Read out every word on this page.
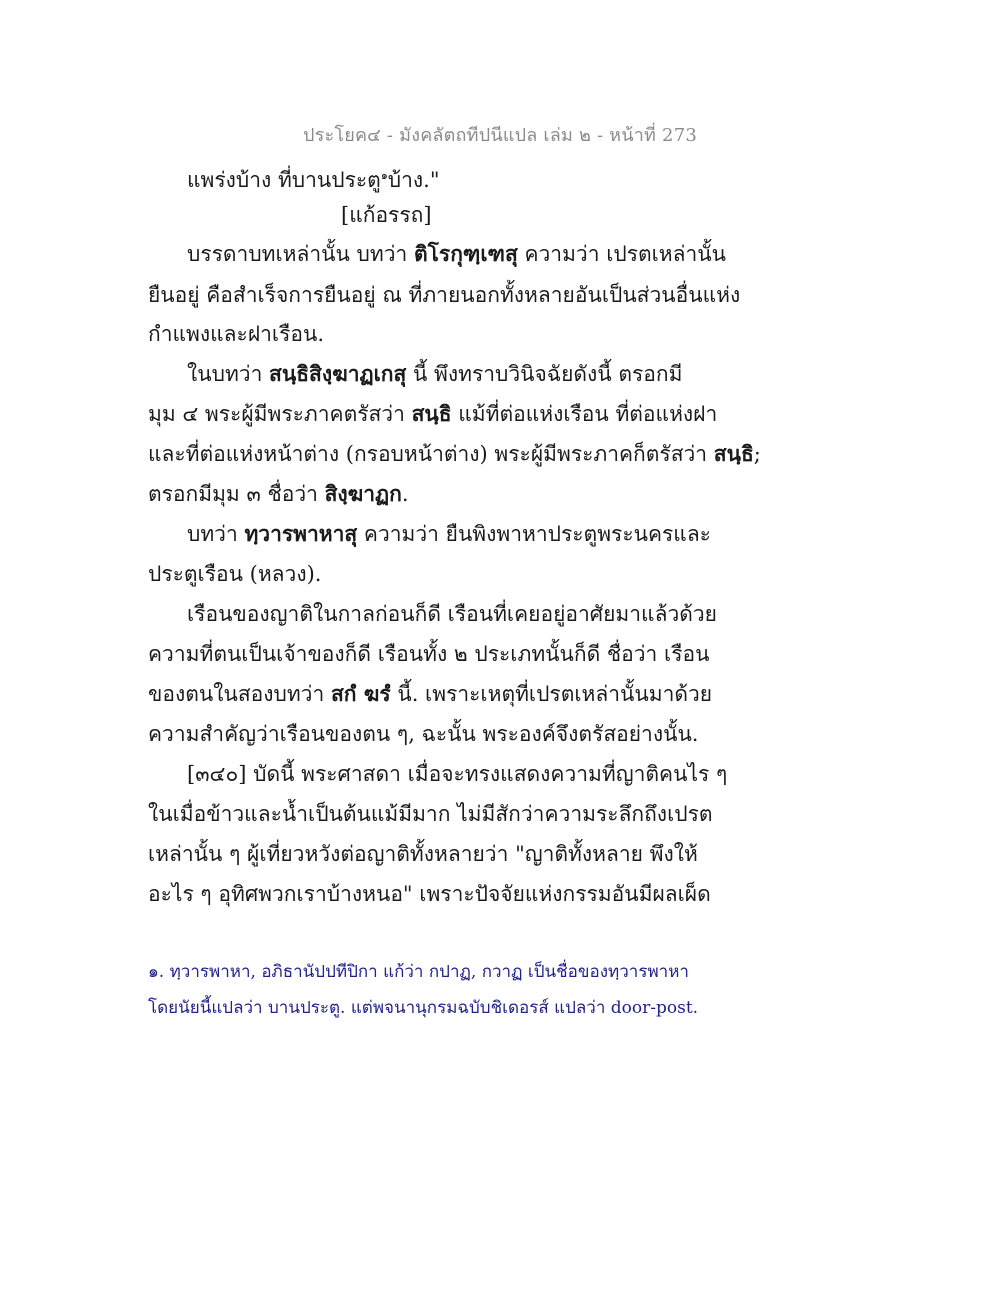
ประโยค๔ - มังคลัตถทีปนีแปล เล่ม ๒ - หน้าที่ 273
แพร่งบ้าง ที่บานประตู$^๑$บ้าง."
[แก้อรรถ]
บรรดาบทเหล่านั้น บทว่า ติโรกุฑฺเฑสุ ความว่า เปรตเหล่านั้น
ยืนอยู่ คือสำเร็จการยืนอยู่ ณ ที่ภายนอกทั้งหลายอันเป็นส่วนอื่นแห่ง
กำแพงและฝาเรือน.
ในบทว่า สนฺธิสิงฺฆาฏเกสุ นี้ พึงทราบวินิจฉัยดังนี้ ตรอกมี
มุม ๔ พระผู้มีพระภาคตรัสว่า สนฺธิ แม้ที่ต่อแห่งเรือน ที่ต่อแห่งฝา
และที่ต่อแห่งหน้าต่าง (กรอบหน้าต่าง) พระผู้มีพระภาคก็ตรัสว่า สนฺธิ;
ตรอกมีมุม ๓ ชื่อว่า สิงฺฆาฏก.
บทว่า ทฺวารพาหาสุ ความว่า ยืนพิงพาหาประตูพระนครและ
ประตูเรือน (หลวง).
เรือนของญาติในกาลก่อนก็ดี เรือนที่เคยอยู่อาศัยมาแล้วด้วย
ความที่ตนเป็นเจ้าของก็ดี เรือนทั้ง ๒ ประเภทนั้นก็ดี ชื่อว่า เรือน
ของตนในสองบทว่า สกํ ฆรํ นี้. เพราะเหตุที่เปรตเหล่านั้นมาด้วย
ความสำคัญว่าเรือนของตน ๆ, ฉะนั้น พระองค์จึงตรัสอย่างนั้น.
[๓๔๐] บัดนี้ พระศาสดา เมื่อจะทรงแสดงความที่ญาติคนไร ๆ
ในเมื่อข้าวและน้ำเป็นต้นแม้มีมาก ไม่มีสักว่าความระลึกถึงเปรต
เหล่านั้น ๆ ผู้เที่ยวหวังต่อญาติทั้งหลายว่า "ญาติทั้งหลาย พึงให้
อะไร ๆ อุทิศพวกเราบ้างหนอ" เพราะปัจจัยแห่งกรรมอันมีผลเผ็ด
๑. ทฺวารพาหา, อภิธานัปปทีปิกา แก้ว่า กปาฏ, กวาฏ เป็นชื่อของทฺวารพาหา
โดยนัยนี้แปลว่า บานประตู. แต่พจนานุกรมฉบับชิเดอรส์ แปลว่า door-post.
